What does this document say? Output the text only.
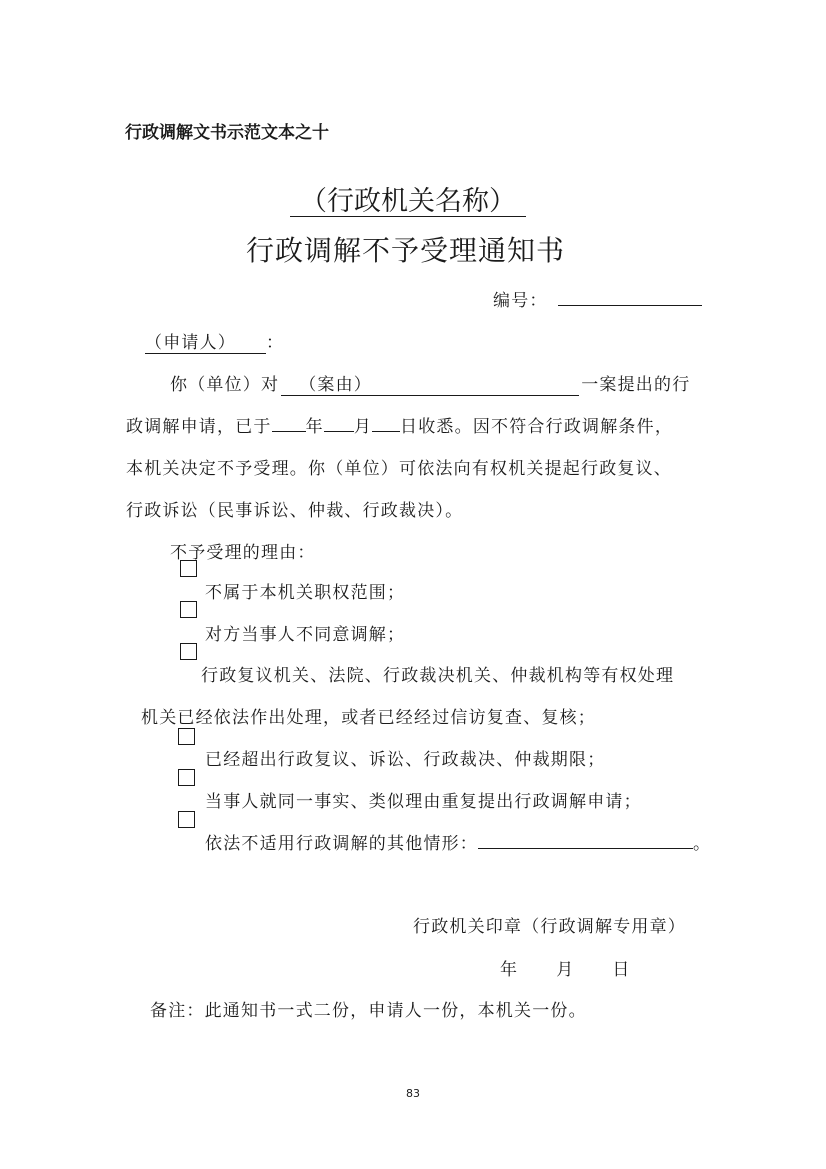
行政调解文书示范文本之十
（行政机关名称）
行政调解不予受理通知书
编号：
（申请人） ：
你（单位）对 （案由）	一案提出的行
政调解申请，已于 年 月 日收悉。因不符合行政调解条件，
本机关决定不予受理。你（单位）可依法向有权机关提起行政复议、
行政诉讼（民事诉讼、仲裁、行政裁决）。
不予受理的理由：
不属于本机关职权范围；
对方当事人不同意调解；
行政复议机关、法院、行政裁决机关、仲裁机构等有权处理
机关已经依法作出处理，或者已经经过信访复查、复核；
已经超出行政复议、诉讼、行政裁决、仲裁期限；
当事人就同一事实、类似理由重复提出行政调解申请；
依法不适用行政调解的其他情形：	。
行政机关印章（行政调解专用章）
年 月 日
备注：此通知书一式二份，申请人一份，本机关一份。
83
